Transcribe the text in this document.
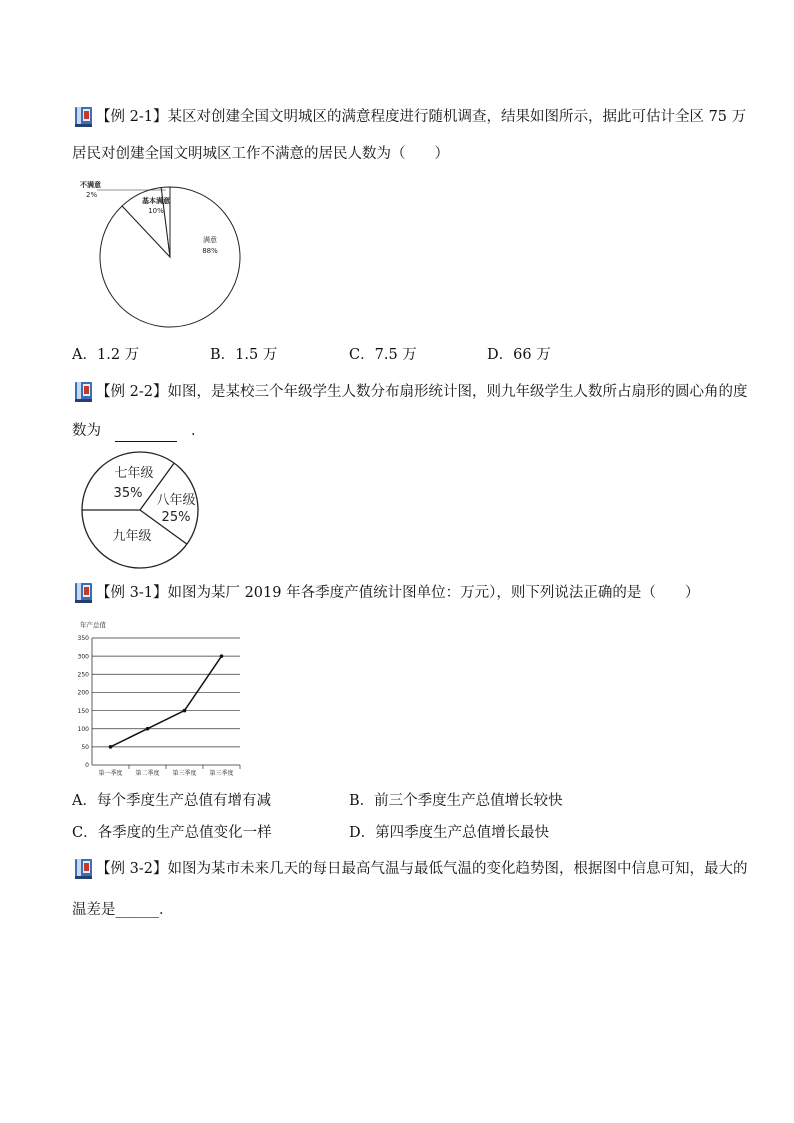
【例 2-1】某区对创建全国文明城区的满意程度进行随机调查，结果如图所示，据此可估计全区 75 万
居民对创建全国文明城区工作不满意的居民人数为（　　）
满意
88%
基本满意
10%
不满意
2%
A．1.2 万	B．1.5 万	C．7.5 万	D．66 万
【例 2-2】如图，是某校三个年级学生人数分布扇形统计图，则九年级学生人数所占扇形的圆心角的度
数为	．
七年级
35% 八年级
25%
九年级
【例 3-1】如图为某厂 2019 年各季度产值统计图单位：万元），则下列说法正确的是（　　）
年产总值
0
50
100
150
200
250
300
350
第一季度 第二季度 第三季度 第三季度
A．每个季度生产总值有增有减	B．前三个季度生产总值增长较快
C．各季度的生产总值变化一样	D．第四季度生产总值增长最快
【例 3-2】如图为某市未来几天的每日最高气温与最低气温的变化趋势图，根据图中信息可知，最大的
温差是______．
